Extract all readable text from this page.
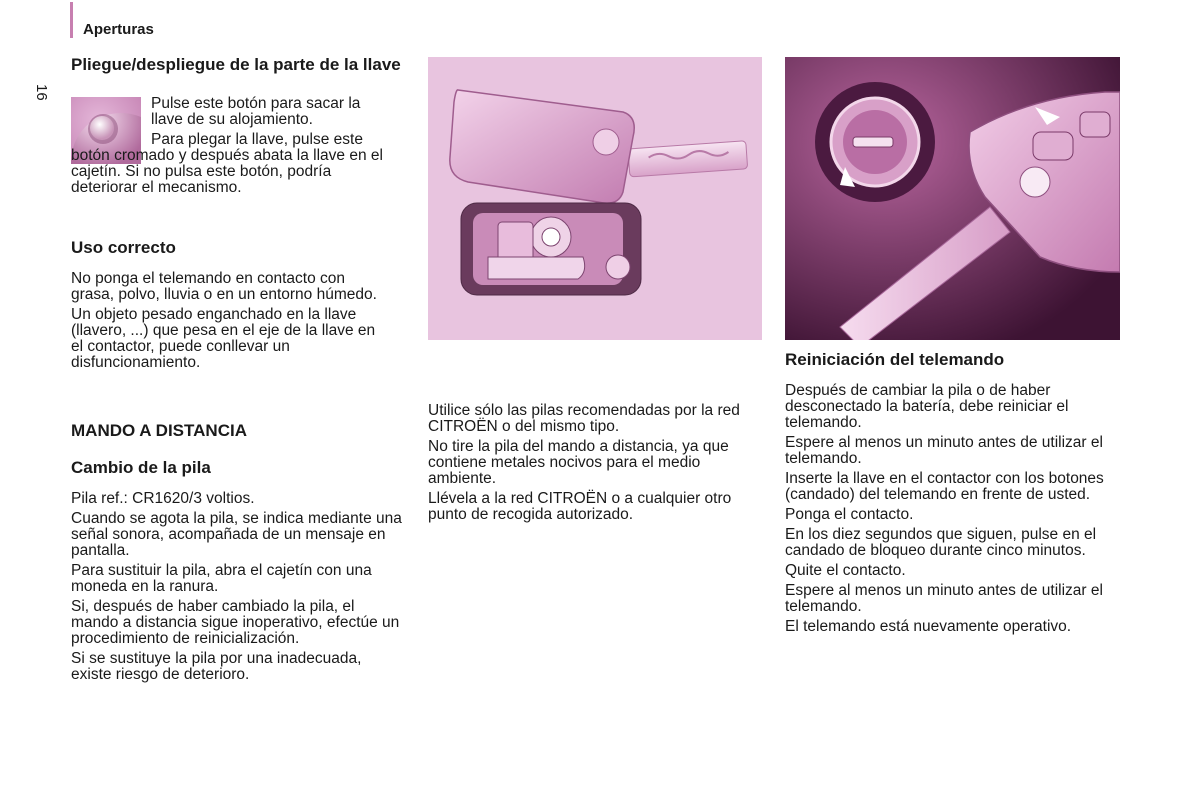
Aperturas
16
Pliegue/despliegue de la parte de la llave

Pulse este botón para sacar la llave de su alojamiento.

Para plegar la llave, pulse este botón cromado y después abata la llave en el cajetín. Si no pulsa este botón, podría deteriorar el mecanismo.

Uso correcto

No ponga el telemando en contacto con grasa, polvo, lluvia o en un entorno húmedo.

Un objeto pesado enganchado en la llave (llavero, ...) que pesa en el eje de la llave en el contactor, puede conllevar un disfuncionamiento.

MANDO A DISTANCIA
Cambio de la pila

Pila ref.: CR1620/3 voltios.

Cuando se agota la pila, se indica mediante una señal sonora, acompañada de un mensaje en pantalla.

Para sustituir la pila, abra el cajetín con una moneda en la ranura.

Si, después de haber cambiado la pila, el mando a distancia sigue inoperativo, efectúe un procedimiento de reinicialización.

Si se sustituye la pila por una inadecuada, existe riesgo de deterioro.

Utilice sólo las pilas recomendadas por la red CITROËN o del mismo tipo.

No tire la pila del mando a distancia, ya que contiene metales nocivos para el medio ambiente.

Llévela a la red CITROËN o a cualquier otro punto de recogida autorizado.

Reiniciación del telemando

Después de cambiar la pila o de haber desconectado la batería, debe reiniciar el telemando.

Espere al menos un minuto antes de utilizar el telemando.

Inserte la llave en el contactor con los botones (candado) del telemando en frente de usted.

Ponga el contacto.

En los diez segundos que siguen, pulse en el candado de bloqueo durante cinco minutos.

Quite el contacto.

Espere al menos un minuto antes de utilizar el telemando.

El telemando está nuevamente operativo.
